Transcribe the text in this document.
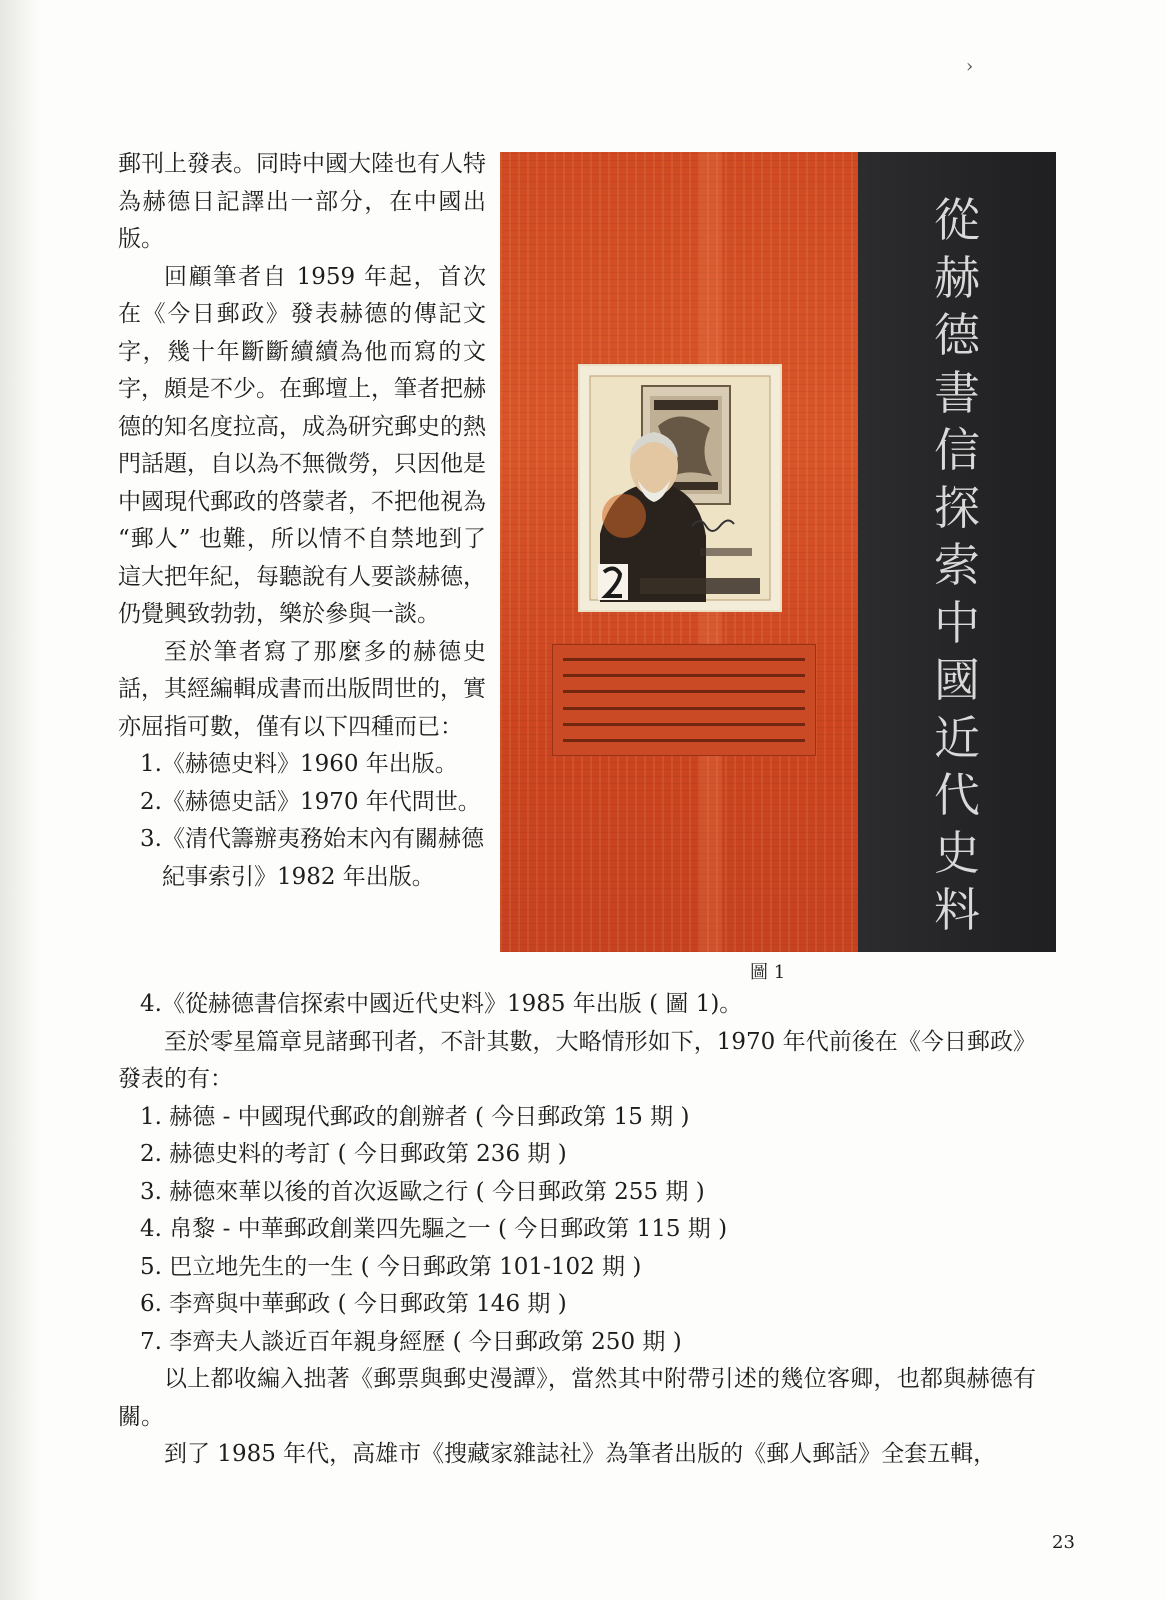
›

郵刊上發表。同時中國大陸也有人特為赫德日記譯出一部分，在中國出版。

回顧筆者自 1959 年起，首次在《今日郵政》發表赫德的傳記文字，幾十年斷斷續續為他而寫的文字，頗是不少。在郵壇上，筆者把赫德的知名度拉高，成為研究郵史的熱門話題，自以為不無微勞，只因他是中國現代郵政的啓蒙者，不把他視為 “郵人” 也難，所以情不自禁地到了這大把年紀，每聽說有人要談赫德，仍覺興致勃勃，樂於參與一談。

至於筆者寫了那麼多的赫德史話，其經編輯成書而出版問世的，實亦屈指可數，僅有以下四種而已：

1. 《赫德史料》1960 年出版。
2. 《赫德史話》1970 年代問世。
3. 《清代籌辦夷務始末內有關赫德紀事索引》1982 年出版。
從
赫
德
書
信
探
索
中
國
近
代
史
料
圖 1
4.《從赫德書信探索中國近代史料》1985 年出版 ( 圖 1)。

至於零星篇章見諸郵刊者，不計其數，大略情形如下，1970 年代前後在《今日郵政》發表的有：

1. 赫德 - 中國現代郵政的創辦者 ( 今日郵政第 15 期 )
2. 赫德史料的考訂 ( 今日郵政第 236 期 )
3. 赫德來華以後的首次返歐之行 ( 今日郵政第 255 期 )
4. 帛黎 - 中華郵政創業四先驅之一 ( 今日郵政第 115 期 )
5. 巴立地先生的一生 ( 今日郵政第 101-102 期 )
6. 李齊與中華郵政 ( 今日郵政第 146 期 )
7. 李齊夫人談近百年親身經歷 ( 今日郵政第 250 期 )

以上都收編入拙著《郵票與郵史漫譚》，當然其中附帶引述的幾位客卿，也都與赫德有關。

到了 1985 年代，高雄市《搜藏家雜誌社》為筆者出版的《郵人郵話》全套五輯，

23
